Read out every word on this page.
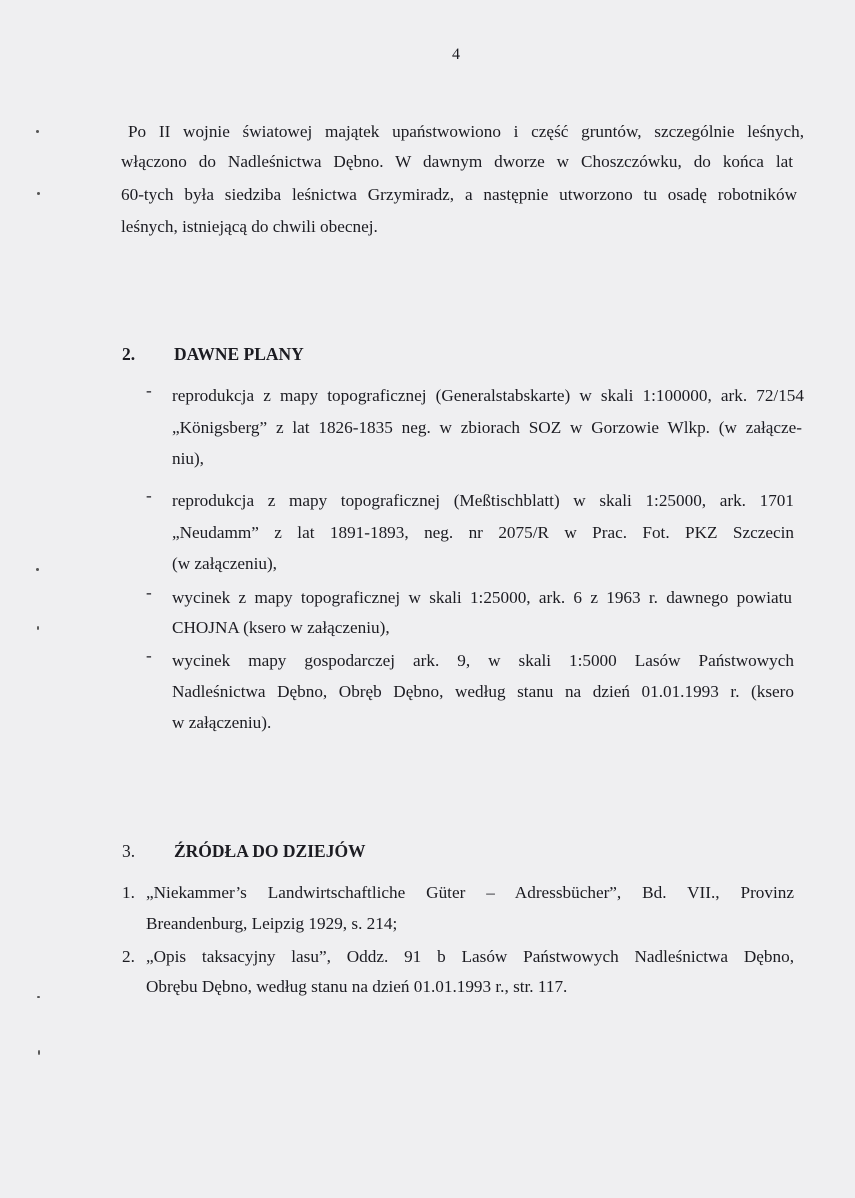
4
Po II wojnie światowej majątek upaństwowiono i część gruntów, szczególnie leśnych,
włączono do Nadleśnictwa Dębno. W dawnym dworze w Choszczówku, do końca lat
60-tych była siedziba leśnictwa Grzymiradz, a następnie utworzono tu osadę robotników
leśnych, istniejącą do chwili obecnej.
2. DAWNE PLANY
- reprodukcja z mapy topograficznej (Generalstabskarte) w skali 1:100000, ark. 72/154
„Königsberg” z lat 1826-1835 neg. w zbiorach SOZ w Gorzowie Wlkp. (w załącze-
niu),
- reprodukcja z mapy topograficznej (Meßtischblatt) w skali 1:25000, ark. 1701
„Neudamm” z lat 1891-1893, neg. nr 2075/R w Prac. Fot. PKZ Szczecin
(w załączeniu),
- wycinek z mapy topograficznej w skali 1:25000, ark. 6 z 1963 r. dawnego powiatu
CHOJNA (ksero w załączeniu),
- wycinek mapy gospodarczej ark. 9, w skali 1:5000 Lasów Państwowych
Nadleśnictwa Dębno, Obręb Dębno, według stanu na dzień 01.01.1993 r. (ksero
w załączeniu).
3. ŹRÓDŁA DO DZIEJÓW
1. „Niekammer’s Landwirtschaftliche Güter – Adressbücher”, Bd. VII., Provinz
Breandenburg, Leipzig 1929, s. 214;
2. „Opis taksacyjny lasu”, Oddz. 91 b Lasów Państwowych Nadleśnictwa Dębno,
Obrębu Dębno, według stanu na dzień 01.01.1993 r., str. 117.
